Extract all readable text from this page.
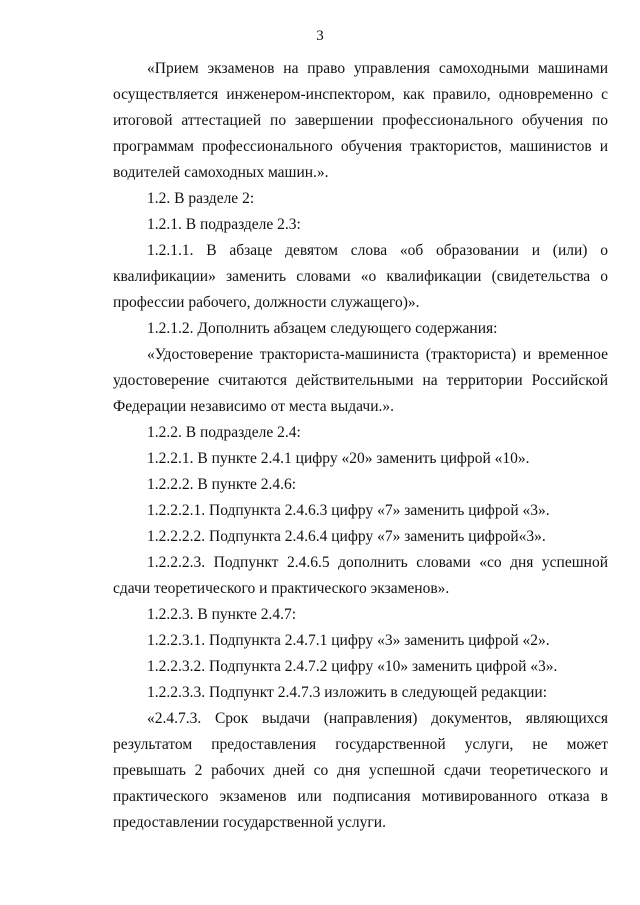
3

«Прием экзаменов на право управления самоходными машинами осуществляется инженером-инспектором, как правило, одновременно с итоговой аттестацией по завершении профессионального обучения по программам профессионального обучения трактористов, машинистов и водителей самоходных машин.».

1.2. В разделе 2:

1.2.1. В подразделе 2.3:

1.2.1.1. В абзаце девятом слова «об образовании и (или) о квалификации» заменить словами «о квалификации (свидетельства о профессии рабочего, должности служащего)».

1.2.1.2. Дополнить абзацем следующего содержания:

«Удостоверение тракториста-машиниста (тракториста) и временное удостоверение считаются действительными на территории Российской Федерации независимо от места выдачи.».

1.2.2. В подразделе 2.4:

1.2.2.1. В пункте 2.4.1 цифру «20» заменить цифрой «10».

1.2.2.2. В пункте 2.4.6:

1.2.2.2.1. Подпункта 2.4.6.3 цифру «7» заменить цифрой «3».

1.2.2.2.2. Подпункта 2.4.6.4 цифру «7» заменить цифрой«3».

1.2.2.2.3. Подпункт 2.4.6.5 дополнить словами «со дня успешной сдачи теоретического и практического экзаменов».

1.2.2.3. В пункте 2.4.7:

1.2.2.3.1. Подпункта 2.4.7.1 цифру «3» заменить цифрой «2».

1.2.2.3.2. Подпункта 2.4.7.2 цифру «10» заменить цифрой «3».

1.2.2.3.3. Подпункт 2.4.7.3 изложить в следующей редакции:

«2.4.7.3. Срок выдачи (направления) документов, являющихся результатом предоставления государственной услуги, не может превышать 2 рабочих дней со дня успешной сдачи теоретического и практического экзаменов или подписания мотивированного отказа в предоставлении государственной услуги.
